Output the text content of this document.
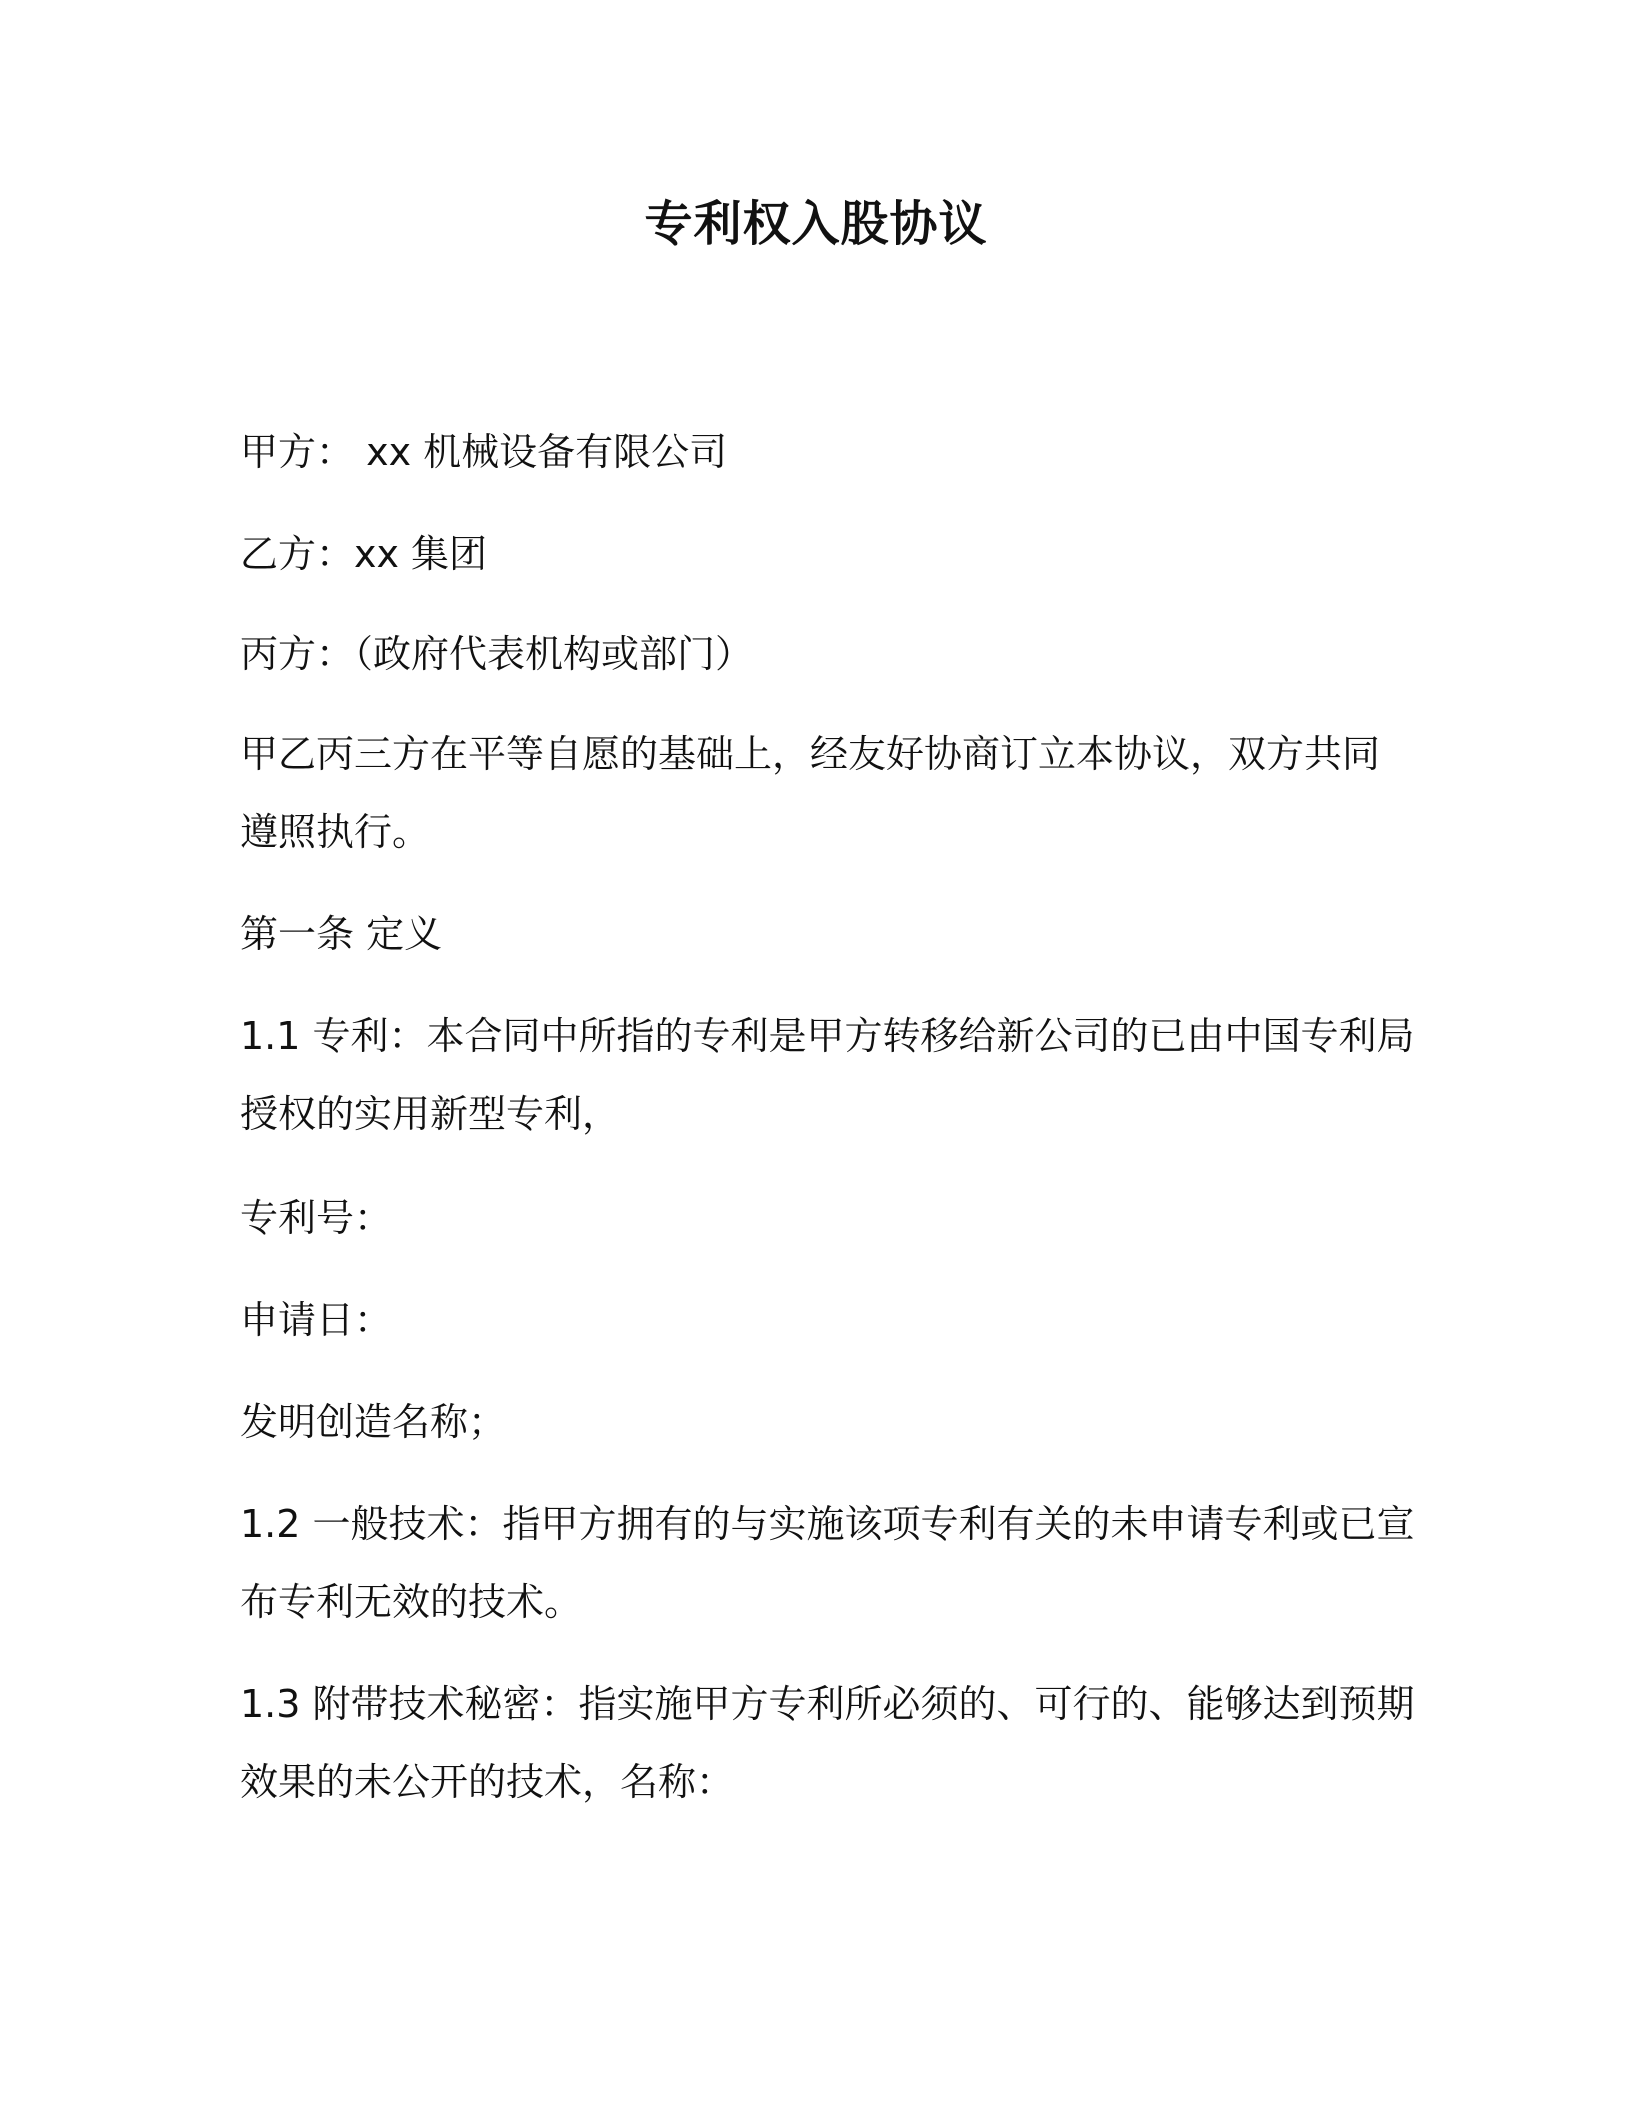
专利权入股协议
甲方： xx 机械设备有限公司
乙方：xx 集团
丙方：（政府代表机构或部门）
甲乙丙三方在平等自愿的基础上，经友好协商订立本协议，双方共同
遵照执行。
第一条 定义
1.1 专利：本合同中所指的专利是甲方转移给新公司的已由中国专利局
授权的实用新型专利，
专利号：
申请日：
发明创造名称；
1.2 一般技术：指甲方拥有的与实施该项专利有关的未申请专利或已宣
布专利无效的技术。
1.3 附带技术秘密：指实施甲方专利所必须的、可行的、能够达到预期
效果的未公开的技术，名称：
